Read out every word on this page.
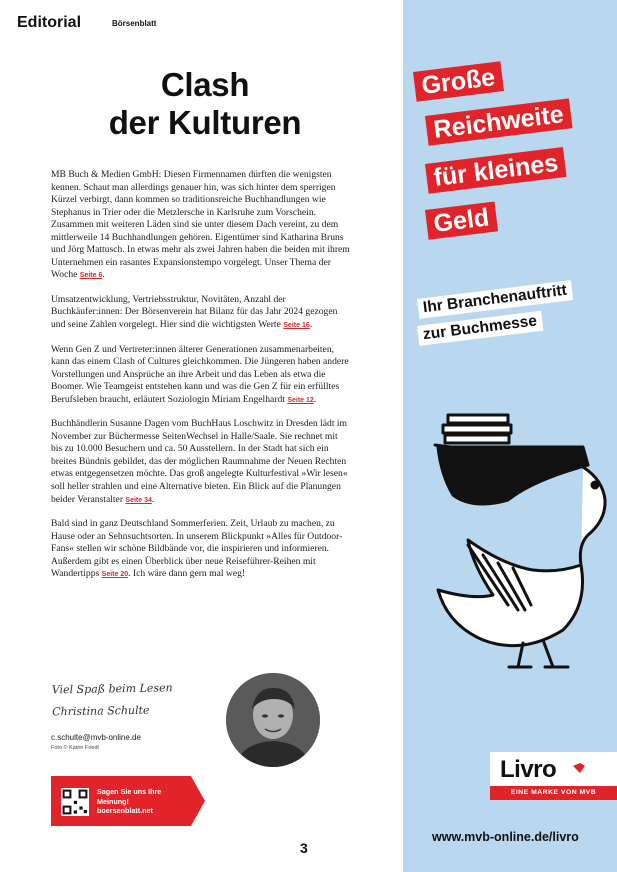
Editorial	Börsenblatt
Clash
der Kulturen

MB Buch & Medien GmbH: Diesen Firmennamen dürften die wenigsten kennen. Schaut man allerdings genauer hin, was sich hinter dem sperrigen Kürzel verbirgt, dann kommen so traditionsreiche Buchhandlungen wie Stephanus in Trier oder die Metzlersche in Karlsruhe zum Vorschein. Zusammen mit weiteren Läden sind sie unter diesem Dach vereint, zu dem mittlerweile 14 Buchhandlungen gehören. Eigentümer sind Katharina Bruns und Jörg Mattusch. In etwas mehr als zwei Jahren haben die beiden mit ihrem Unternehmen ein rasantes Expansionstempo vorgelegt. Unser Thema der Woche Seite 6.

Umsatzentwicklung, Vertriebsstruktur, Novitäten, Anzahl der Buchkäufer:innen: Der Börsenverein hat Bilanz für das Jahr 2024 gezogen und seine Zahlen vorgelegt. Hier sind die wichtigsten Werte Seite 16.

Wenn Gen Z und Vertreter:innen älterer Generationen zusammenarbeiten, kann das einem Clash of Cultures gleichkommen. Die Jüngeren haben andere Vorstellungen und Ansprüche an ihre Arbeit und das Leben als etwa die Boomer. Wie Teamgeist entstehen kann und was die Gen Z für ein erfülltes Berufsleben braucht, erläutert Soziologin Miriam Engelhardt Seite 12.

Buchhändlerin Susanne Dagen vom BuchHaus Loschwitz in Dresden lädt im November zur Büchermesse SeitenWechsel in Halle/Saale. Sie rechnet mit bis zu 10.000 Besuchern und ca. 50 Ausstellern. In der Stadt hat sich ein breites Bündnis gebildet, das der möglichen Raumnahme der Neuen Rechten etwas entgegensetzen möchte. Das groß angelegte Kulturfestival »Wir lesen« soll heller strahlen und eine Alternative bieten. Ein Blick auf die Planungen beider Veranstalter Seite 34.

Bald sind in ganz Deutschland Sommerferien. Zeit, Urlaub zu machen, zu Hause oder an Sehnsuchtsorten. In unserem Blickpunkt »Alles für Outdoor-Fans« stellen wir schöne Bildbände vor, die inspirieren und informieren. Außerdem gibt es einen Überblick über neue Reiseführer-Reihen mit Wandertipps Seite 20. Ich wäre dann gern mal weg!

Viel Spaß beim Lesen
Christina Schulte
c.schulte@mvb-online.de
Foto © Katrin Friedl
Sagen Sie uns Ihre
Meinung!
boersenblatt.net
3
Große
Reichweite
für kleines
Geld
Ihr Branchenauftritt
zur Buchmesse
Livro
EINE MARKE VON MVB
www.mvb-online.de/livro
